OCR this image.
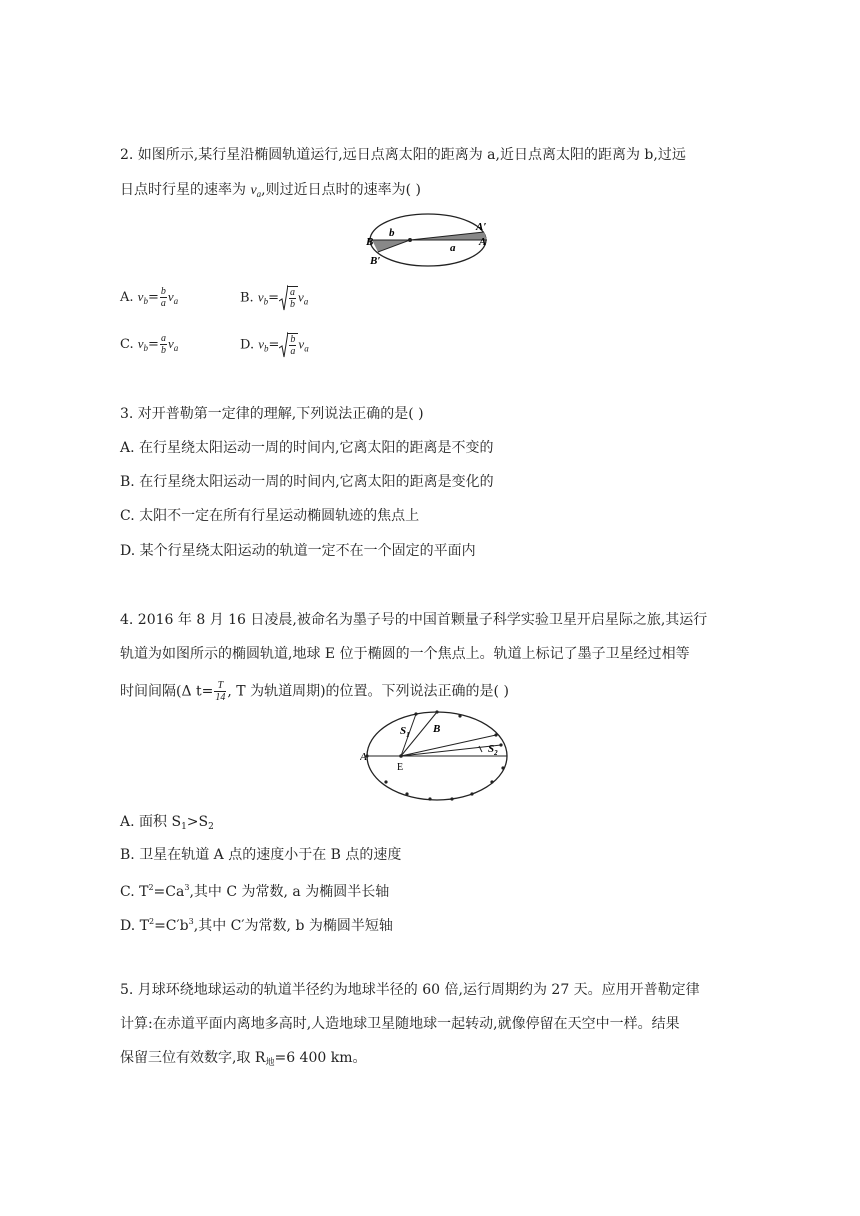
2. 如图所示,某行星沿椭圆轨道运行,远日点离太阳的距离为 a,近日点离太阳的距离为 b,过远
日点时行星的速率为 $v_a$,则过近日点时的速率为( )
B
b
a A
A′
B′
A. $v_b= \frac{b}{a} v_a$	B. $v_b= \frac{a}{b} v_a$
C. $v_b= \frac{a}{b} v_a$	D. $v_b= \frac{b}{a} v_a$
3. 对开普勒第一定律的理解,下列说法正确的是( )
A. 在行星绕太阳运动一周的时间内,它离太阳的距离是不变的
B. 在行星绕太阳运动一周的时间内,它离太阳的距离是变化的
C. 太阳不一定在所有行星运动椭圆轨迹的焦点上
D. 某个行星绕太阳运动的轨道一定不在一个固定的平面内
4. 2016 年 8 月 16 日凌晨,被命名为墨子号的中国首颗量子科学实验卫星开启星际之旅,其运行
轨道为如图所示的椭圆轨道,地球 E 位于椭圆的一个焦点上。轨道上标记了墨子卫星经过相等
时间间隔(Δ $t= \frac{T}{14}$ , T 为轨道周期)的位置。下列说法正确的是( )
A
E
$S_1$ B
$S_2$
A. 面积 $S_1>S_2$
B. 卫星在轨道 A 点的速度小于在 B 点的速度
C. $T^2=Ca^3$,其中 C 为常数, a 为椭圆半长轴
D. $T^2=C'b^3$,其中 C′为常数, b 为椭圆半短轴
5. 月球环绕地球运动的轨道半径约为地球半径的 60 倍,运行周期约为 27 天。应用开普勒定律
计算:在赤道平面内离地多高时,人造地球卫星随地球一起转动,就像停留在天空中一样。结果
保留三位有效数字,取 $R_地=6$ 400 km。
